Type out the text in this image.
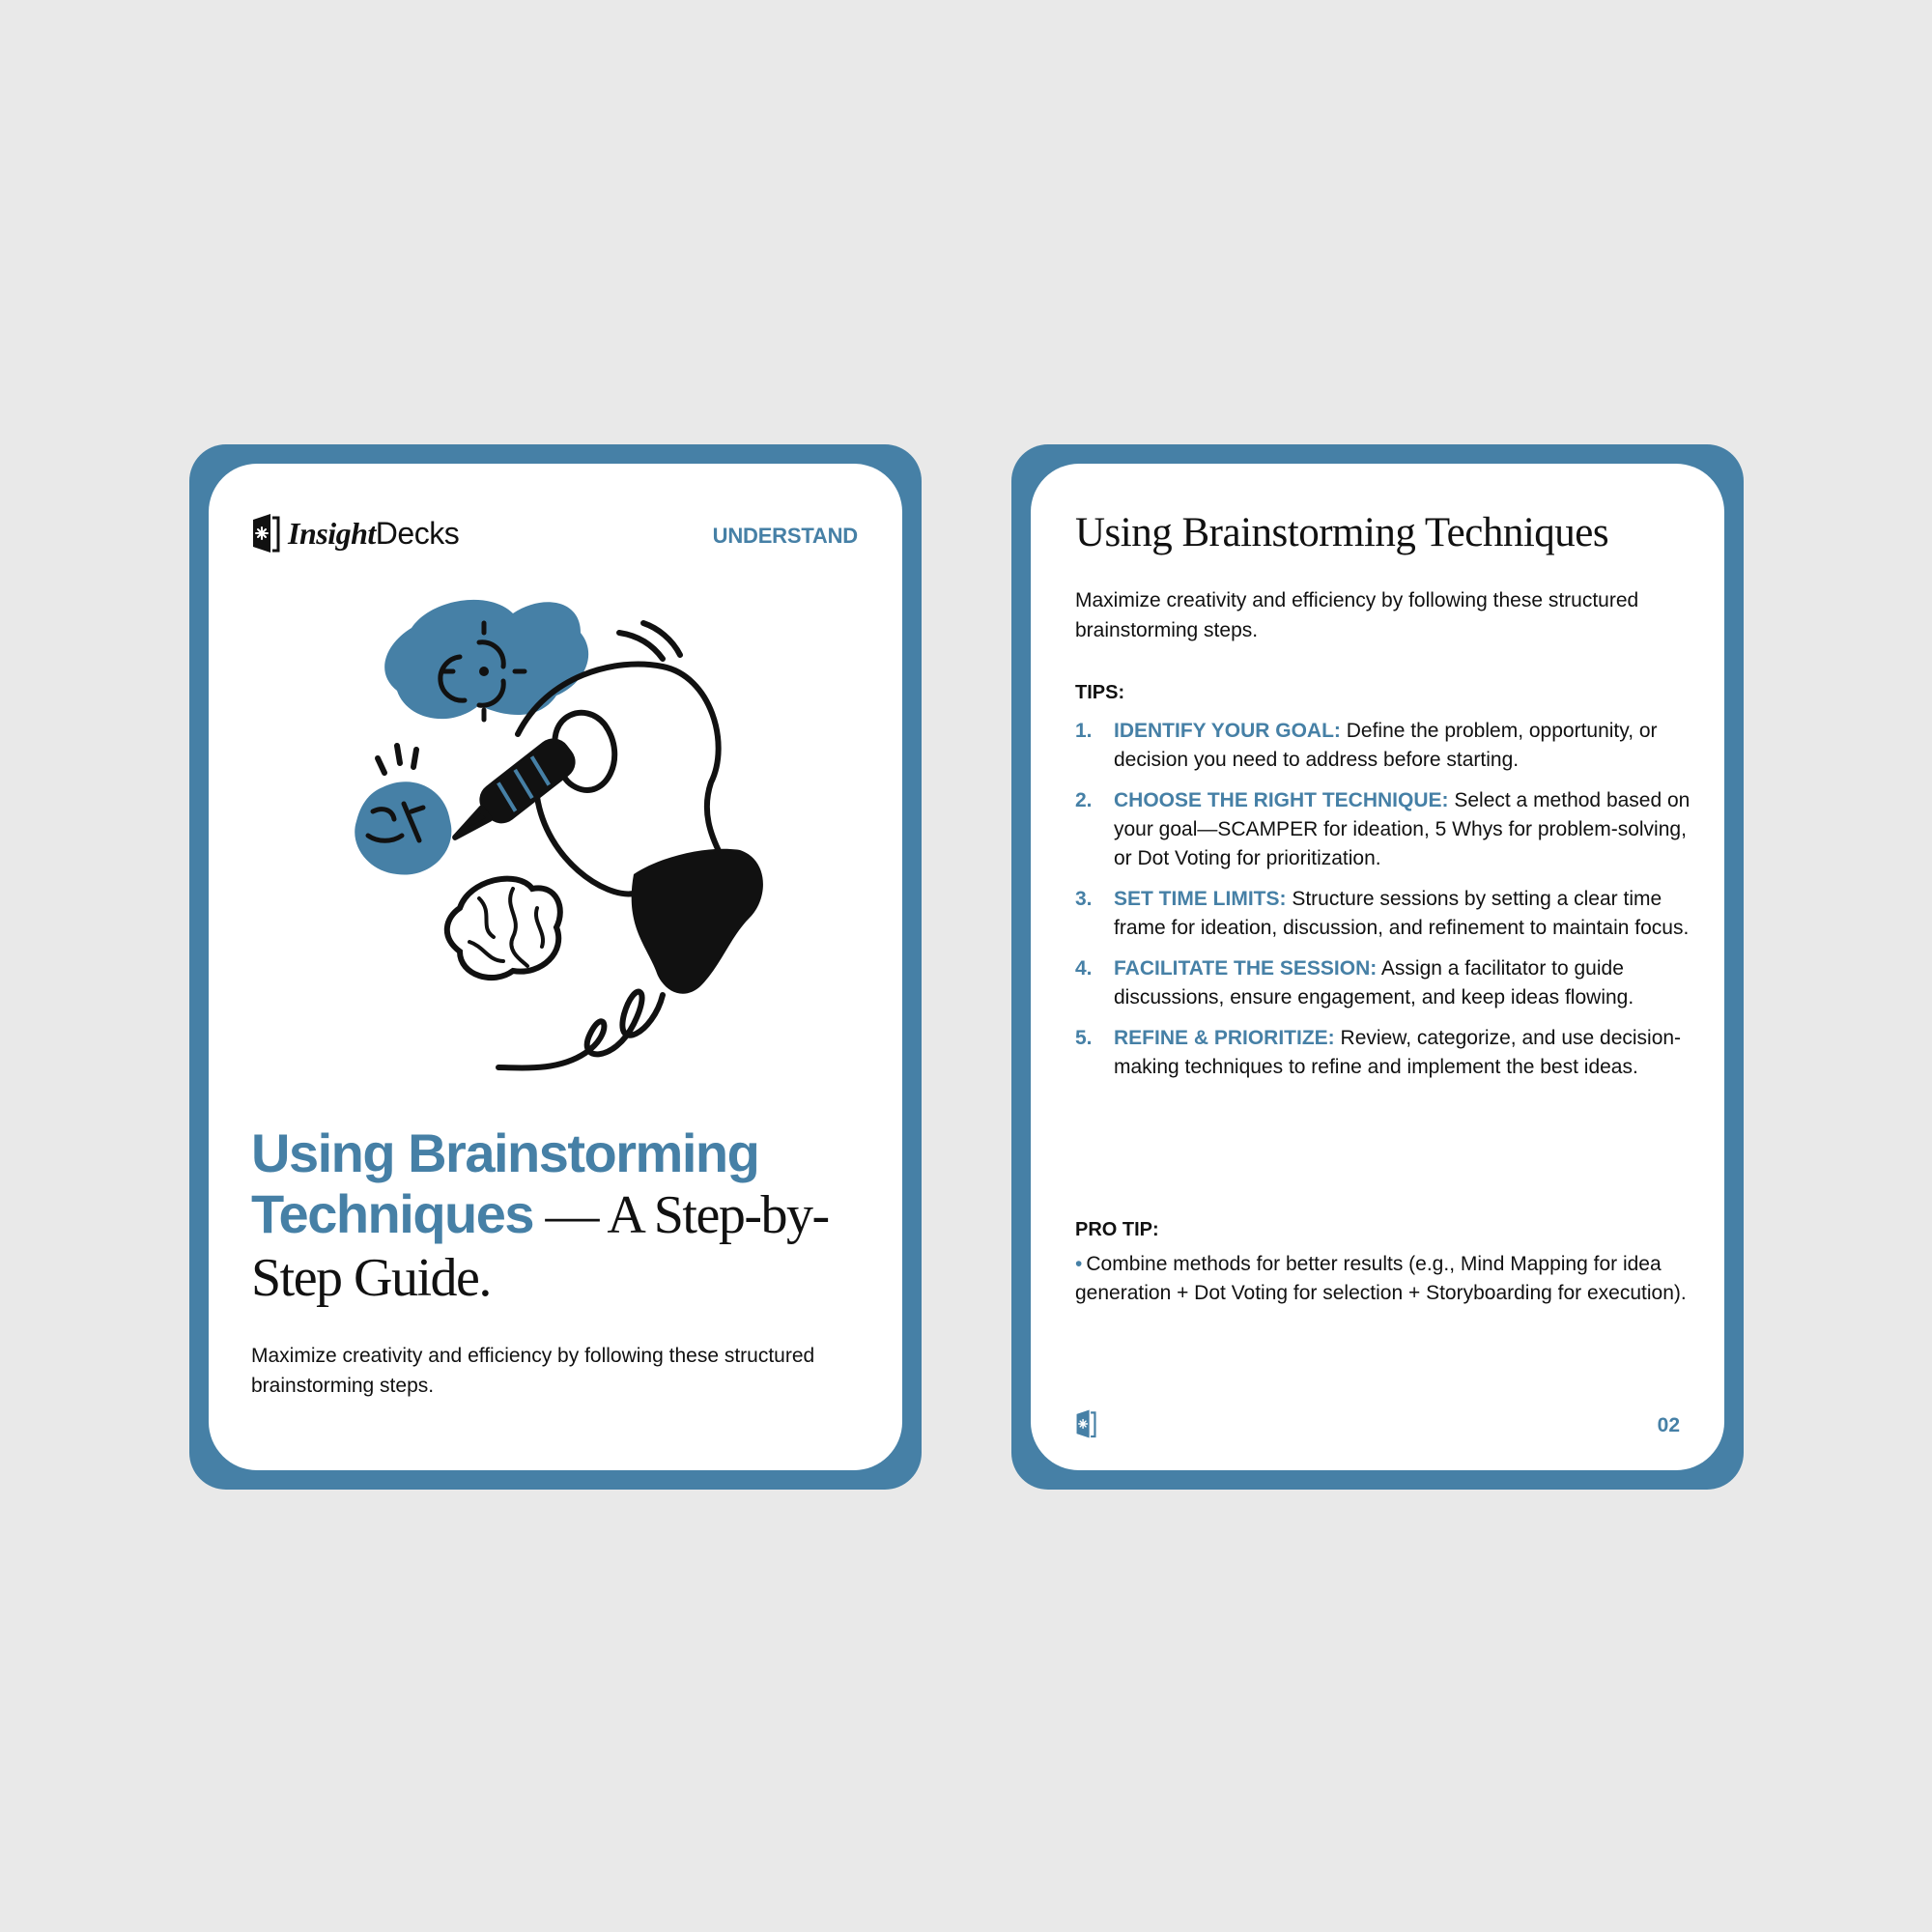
InsightDecks	UNDERSTAND
Using Brainstorming Techniques — A Step-by-Step Guide.
Maximize creativity and efficiency by following these structured brainstorming steps.
Using Brainstorming Techniques
Maximize creativity and efficiency by following these structured brainstorming steps.
TIPS:
1.	IDENTIFY YOUR GOAL: Define the problem, opportunity, or decision you need to address before starting.
2.	CHOOSE THE RIGHT TECHNIQUE: Select a method based on your goal—SCAMPER for ideation, 5 Whys for problem-solving, or Dot Voting for prioritization.
3.	SET TIME LIMITS: Structure sessions by setting a clear time frame for ideation, discussion, and refinement to maintain focus.
4.	FACILITATE THE SESSION: Assign a facilitator to guide discussions, ensure engagement, and keep ideas flowing.
5.	REFINE & PRIORITIZE: Review, categorize, and use decision-making techniques to refine and implement the best ideas.
PRO TIP:
• Combine methods for better results (e.g., Mind Mapping for idea generation + Dot Voting for selection + Storyboarding for execution).
02
